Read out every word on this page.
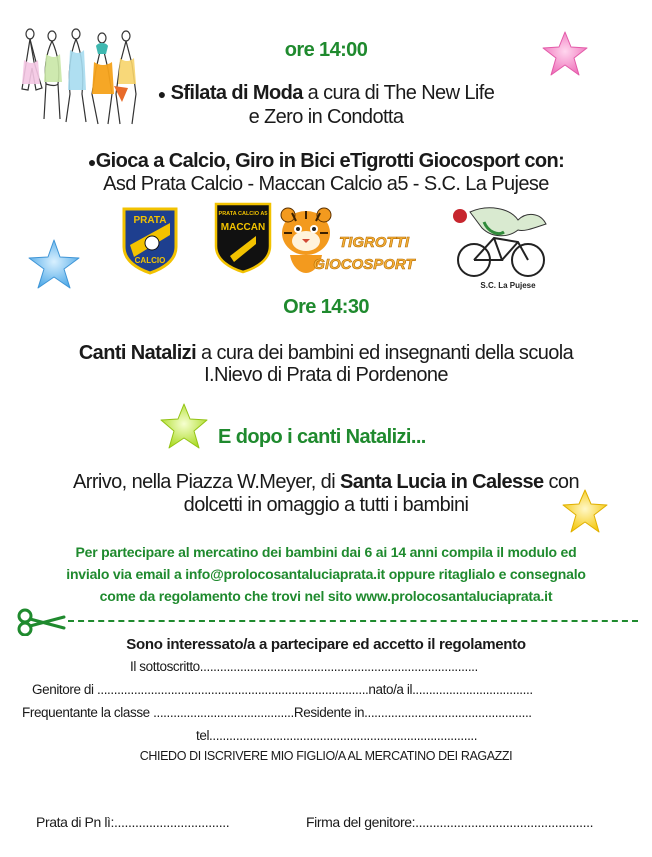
ore 14:00
● Sfilata di Moda a cura di The New Life
e Zero in Condotta
●Gioca a Calcio, Giro in Bici eTigrotti Giocosport con:
Asd Prata Calcio - Maccan Calcio a5 - S.C. La Pujese
PRATA
CALCIO
PRATA CALCIO A5
MACCAN
TIGROTTI
GIOCOSPORT
S.C. La Pujese
Ore 14:30
Canti Natalizi a cura dei bambini ed insegnanti della scuola
I.Nievo di Prata di Pordenone
E dopo i canti Natalizi...
Arrivo, nella Piazza W.Meyer, di Santa Lucia in Calesse con
dolcetti in omaggio a tutti i bambini
Per partecipare al mercatino dei bambini dai 6 ai 14 anni compila il modulo ed
invialo via email a info@prolocosantaluciaprata.it oppure ritaglialo e consegnalo
come da regolamento che trovi nel sito www.prolocosantaluciaprata.it
Sono interessato/a a partecipare ed accetto il regolamento
Il sottoscritto...................................................................................
Genitore di .................................................................................nato/a il....................................
Frequentante la classe ..........................................Residente in..................................................
tel................................................................................
CHIEDO DI ISCRIVERE MIO FIGLIO/A AL MERCATINO DEI RAGAZZI
Prata di Pn lì:.................................	Firma del genitore:...................................................
